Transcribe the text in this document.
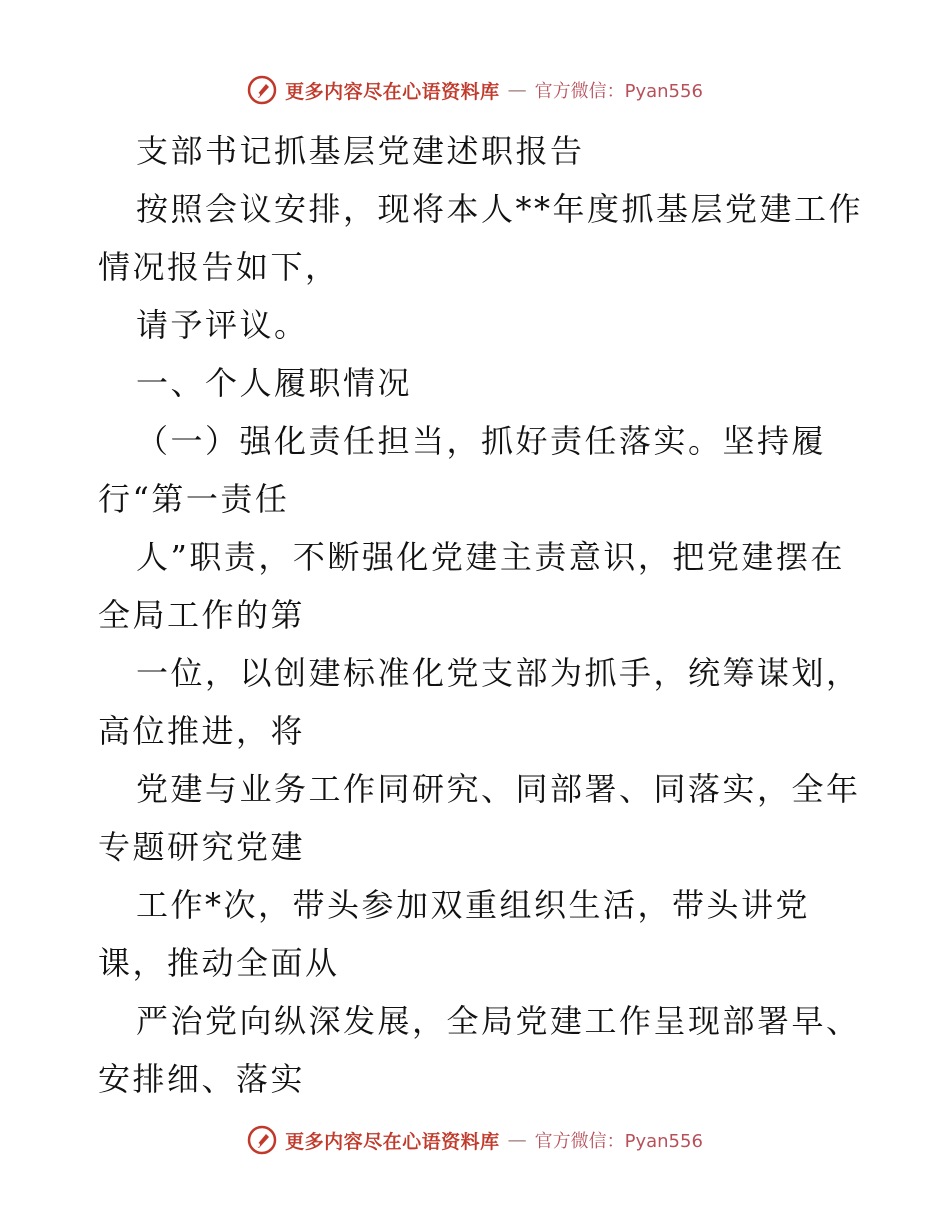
更多内容尽在心语资料库 — 官方微信：Pyan556

支部书记抓基层党建述职报告

按照会议安排，现将本人**年度抓基层党建工作

情况报告如下，

请予评议。

一、个人履职情况

（一）强化责任担当，抓好责任落实。坚持履

行“第一责任

人”职责，不断强化党建主责意识，把党建摆在

全局工作的第

一位，以创建标准化党支部为抓手，统筹谋划，

高位推进，将

党建与业务工作同研究、同部署、同落实，全年

专题研究党建

工作*次，带头参加双重组织生活，带头讲党

课，推动全面从

严治党向纵深发展，全局党建工作呈现部署早、

安排细、落实

更多内容尽在心语资料库 — 官方微信：Pyan556
